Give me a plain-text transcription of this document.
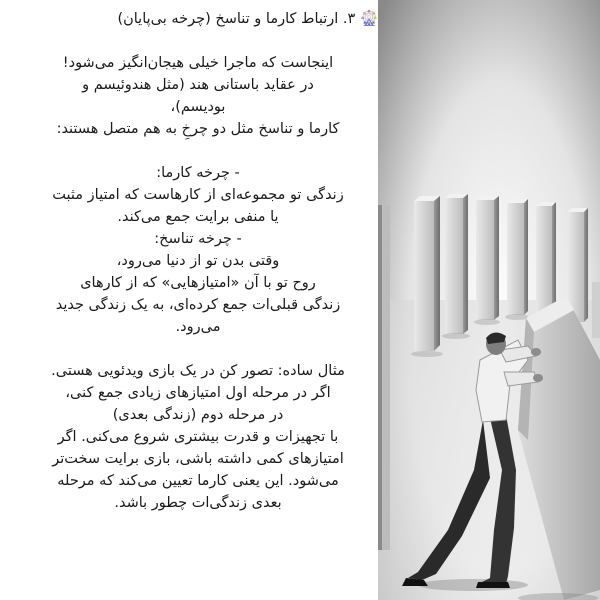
🎡 ۳. ارتباط کارما و تناسخ (چرخه بی‌پایان)

اینجاست که ماجرا خیلی هیجان‌انگیز می‌شود!

در عقاید باستانی هند (مثل هندوئیسم و

بودیسم)،

کارما و تناسخ مثل دو چرخِ به هم متصل هستند:

- چرخه کارما:

زندگی تو مجموعه‌ای از کارهاست که امتیاز مثبت

یا منفی برایت جمع می‌کند.

- چرخه تناسخ:

وقتی بدن تو از دنیا می‌رود،

روح تو با آن «امتیازهایی» که از کارهای

زندگی قبلی‌ات جمع کرده‌ای، به یک زندگی جدید

می‌رود.

مثال ساده: تصور کن در یک بازی ویدئویی هستی.

اگر در مرحله اول امتیازهای زیادی جمع کنی،

در مرحله دوم (زندگی بعدی)

با تجهیزات و قدرت بیشتری شروع می‌کنی. اگر

امتیازهای کمی داشته باشی، بازی برایت سخت‌تر

می‌شود. این یعنی کارما تعیین می‌کند که مرحله

بعدی زندگی‌ات چطور باشد.
